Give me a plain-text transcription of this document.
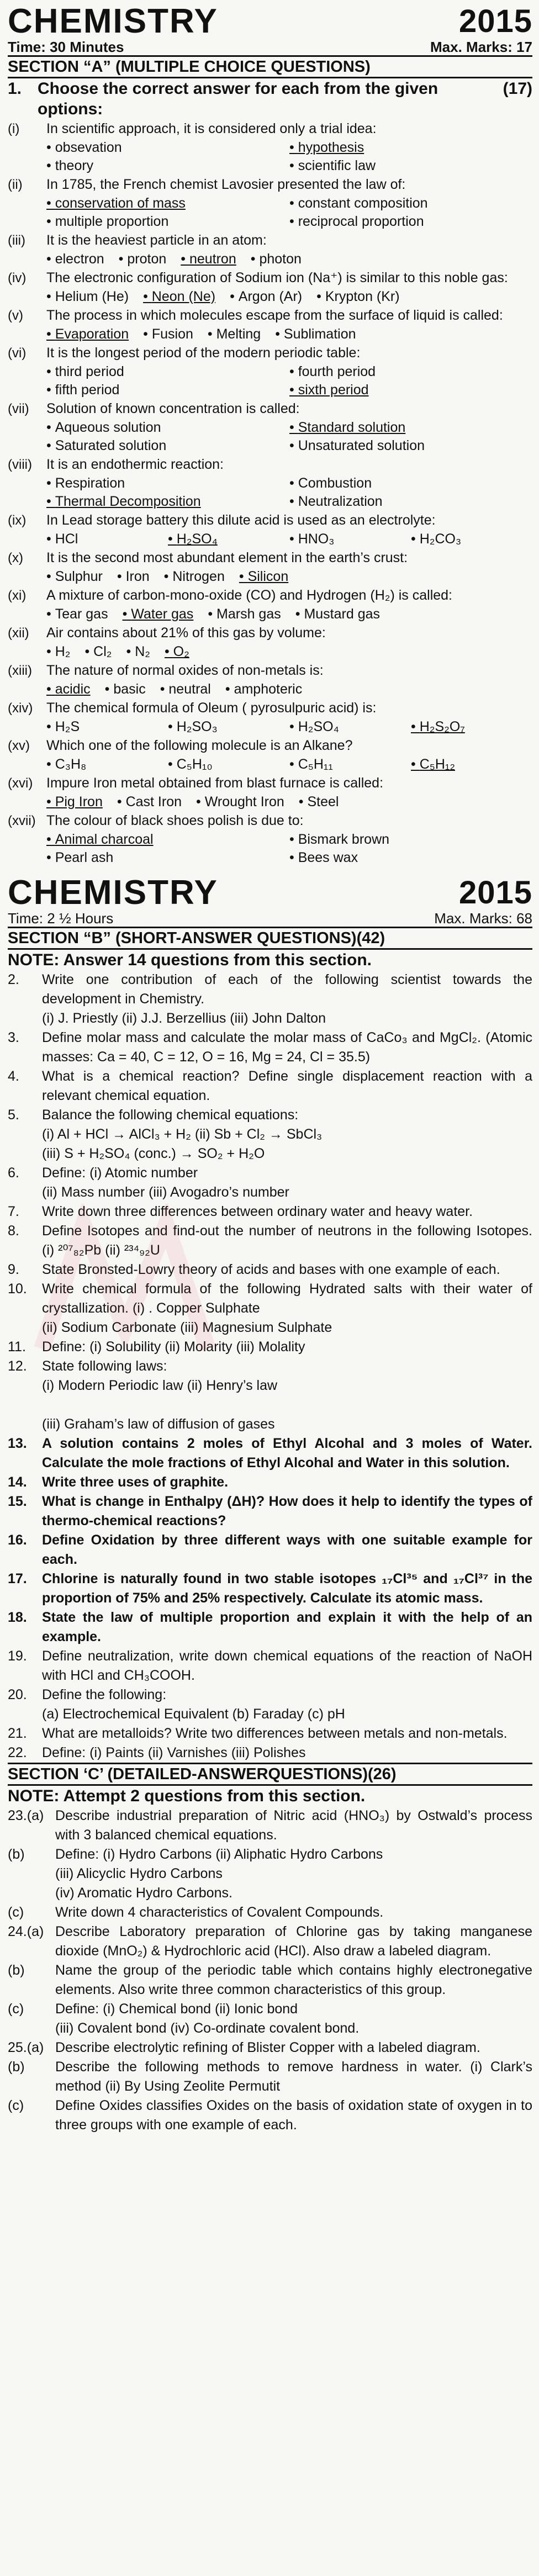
CHEMISTRY	2015
Time: 30 Minutes	Max. Marks: 17
SECTION “A” (MULTIPLE CHOICE QUESTIONS)
1.	(17)
Choose the correct answer for each from the given options:
(i)	In scientific approach, it is considered only a trial idea:
• obsevation	• hypothesis
• theory	• scientific law
(ii)	In 1785, the French chemist Lavosier presented the law of:
• conservation of mass	• constant composition
• multiple proportion	• reciprocal proportion
(iii)	It is the heaviest particle in an atom:
• electron	• proton	• neutron	• photon
(iv)	The electronic configuration of Sodium ion (Na⁺) is similar to this noble gas:
• Helium (He)	• Neon (Ne)	• Argon (Ar)	• Krypton (Kr)
(v)	The process in which molecules escape from the surface of liquid is called:
• Evaporation	• Fusion	• Melting	• Sublimation
(vi)	It is the longest period of the modern periodic table:
• third period	• fourth period
• fifth period	• sixth period
(vii)	Solution of known concentration is called:
• Aqueous solution	• Standard solution
• Saturated solution	• Unsaturated solution
(viii)	It is an endothermic reaction:
• Respiration	• Combustion
• Thermal Decomposition	• Neutralization
(ix)	In Lead storage battery this dilute acid is used as an electrolyte:
• HCl	• H₂SO₄	• HNO₃	• H₂CO₃
(x)	It is the second most abundant element in the earth’s crust:
• Sulphur	• Iron	• Nitrogen	• Silicon
(xi)	A mixture of carbon-mono-oxide (CO) and Hydrogen (H₂) is called:
• Tear gas	• Water gas	• Marsh gas	• Mustard gas
(xii)	Air contains about 21% of this gas by volume:
• H₂	• Cl₂	• N₂	• O₂
(xiii)	The nature of normal oxides of non-metals is:
• acidic	• basic	• neutral	• amphoteric
(xiv) The chemical formula of Oleum ( pyrosulpuric acid) is:
• H₂S	• H₂SO₃	• H₂SO₄	• H₂S₂O₇
(xv)	Which one of the following molecule is an Alkane?
• C₃H₈	• C₅H₁₀	• C₅H₁₁	• C₅H₁₂
(xvi) Impure Iron metal obtained from blast furnace is called:
• Pig Iron	• Cast Iron	• Wrought Iron	• Steel
(xvii) The colour of black shoes polish is due to:
• Animal charcoal	• Bismark brown
• Pearl ash	• Bees wax
CHEMISTRY	2015
Time: 2 ½ Hours	Max. Marks: 68
SECTION “B” (SHORT-ANSWER QUESTIONS)(42)
NOTE: Answer 14 questions from this section.
2.	Write one contribution of each of the following scientist towards the development in Chemistry.
(i) J. Priestly (ii) J.J. Berzellius (iii) John Dalton
3.	Define molar mass and calculate the molar mass of CaCo₃ and MgCl₂. (Atomic masses: Ca = 40, C = 12, O = 16, Mg = 24, Cl = 35.5)
4.	What is a chemical reaction? Define single displacement reaction with a relevant chemical equation.
5.	Balance the following chemical equations:
(i) Al + HCl → AlCl₃ + H₂ (ii) Sb + Cl₂ → SbCl₃
(iii) S + H₂SO₄ (conc.) → SO₂ + H₂O
6.	Define: (i) Atomic number
(ii) Mass number (iii) Avogadro’s number
7.	Write down three differences between ordinary water and heavy water.
8.	Define Isotopes and find-out the number of neutrons in the following Isotopes. (i) ²⁰⁷₈₂Pb (ii) ²³⁴₉₂U
9.	State Bronsted-Lowry theory of acids and bases with one example of each.
10.	Write chemical formula of the following Hydrated salts with their water of crystallization. (i) . Copper Sulphate
(ii) Sodium Carbonate (iii) Magnesium Sulphate
11.	Define: (i) Solubility (ii) Molarity (iii) Molality
12.	State following laws:
(i) Modern Periodic law (ii) Henry’s law
(iii) Graham’s law of diffusion of gases
13.	A solution contains 2 moles of Ethyl Alcohal and 3 moles of Water. Calculate the mole fractions of Ethyl Alcohal and Water in this solution.
14.	Write three uses of graphite.
15.	What is change in Enthalpy (ΔH)? How does it help to identify the types of thermo-chemical reactions?
16.	Define Oxidation by three different ways with one suitable example for each.
17.	Chlorine is naturally found in two stable isotopes ₁₇Cl³⁵ and ₁₇Cl³⁷ in the proportion of 75% and 25% respectively. Calculate its atomic mass.
18.	State the law of multiple proportion and explain it with the help of an example.
19.	Define neutralization, write down chemical equations of the reaction of NaOH with HCl and CH₃COOH.
20.	Define the following:
(a) Electrochemical Equivalent (b) Faraday (c) pH
21.	What are metalloids? Write two differences between metals and non-metals.
22.	Define: (i) Paints (ii) Varnishes (iii) Polishes
SECTION ‘C’ (DETAILED-ANSWERQUESTIONS)(26)
NOTE: Attempt 2 questions from this section.
23.(a) Describe industrial preparation of Nitric acid (HNO₃) by Ostwald’s process with 3 balanced chemical equations.
(b)	Define: (i) Hydro Carbons (ii) Aliphatic Hydro Carbons
(iii) Alicyclic Hydro Carbons
(iv) Aromatic Hydro Carbons.
(c)	Write down 4 characteristics of Covalent Compounds.
24.(a) Describe Laboratory preparation of Chlorine gas by taking manganese dioxide (MnO₂) & Hydrochloric acid (HCl). Also draw a labeled diagram.
(b)	Name the group of the periodic table which contains highly electronegative elements. Also write three common characteristics of this group.
(c)	Define: (i) Chemical bond (ii) Ionic bond
(iii) Covalent bond (iv) Co-ordinate covalent bond.
25.(a) Describe electrolytic refining of Blister Copper with a labeled diagram.
(b)	Describe the following methods to remove hardness in water. (i) Clark’s method (ii) By Using Zeolite Permutit
(c)	Define Oxides classifies Oxides on the basis of oxidation state of oxygen in to three groups with one example of each.
